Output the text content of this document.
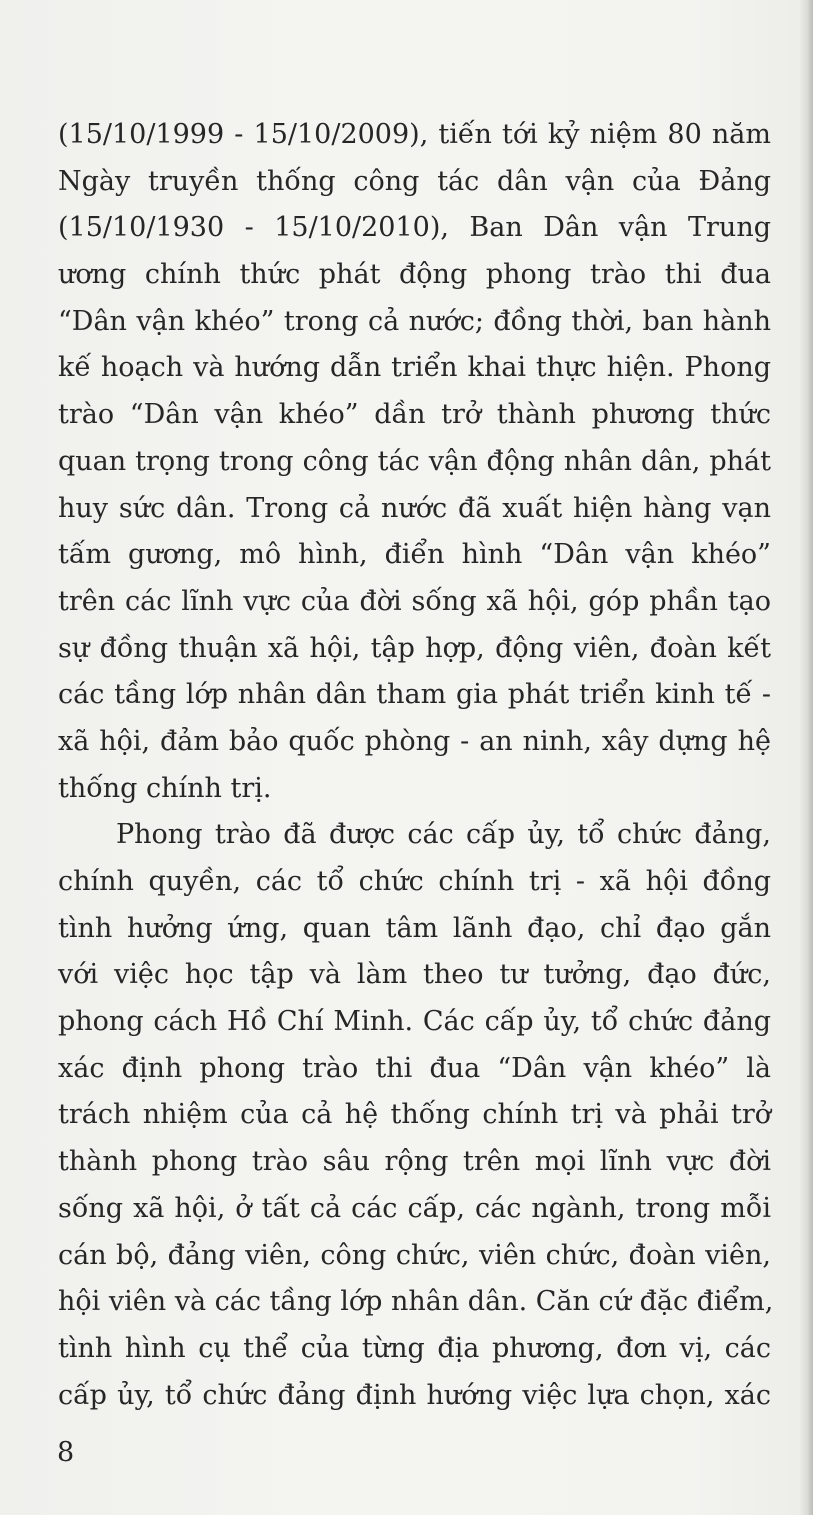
(15/10/1999 - 15/10/2009), tiến tới kỷ niệm 80 năm
Ngày truyền thống công tác dân vận của Đảng
(15/10/1930 - 15/10/2010), Ban Dân vận Trung
ương chính thức phát động phong trào thi đua
“Dân vận khéo” trong cả nước; đồng thời, ban hành
kế hoạch và hướng dẫn triển khai thực hiện. Phong
trào “Dân vận khéo” dần trở thành phương thức
quan trọng trong công tác vận động nhân dân, phát
huy sức dân. Trong cả nước đã xuất hiện hàng vạn
tấm gương, mô hình, điển hình “Dân vận khéo”
trên các lĩnh vực của đời sống xã hội, góp phần tạo
sự đồng thuận xã hội, tập hợp, động viên, đoàn kết
các tầng lớp nhân dân tham gia phát triển kinh tế -
xã hội, đảm bảo quốc phòng - an ninh, xây dựng hệ
thống chính trị.
Phong trào đã được các cấp ủy, tổ chức đảng,
chính quyền, các tổ chức chính trị - xã hội đồng
tình hưởng ứng, quan tâm lãnh đạo, chỉ đạo gắn
với việc học tập và làm theo tư tưởng, đạo đức,
phong cách Hồ Chí Minh. Các cấp ủy, tổ chức đảng
xác định phong trào thi đua “Dân vận khéo” là
trách nhiệm của cả hệ thống chính trị và phải trở
thành phong trào sâu rộng trên mọi lĩnh vực đời
sống xã hội, ở tất cả các cấp, các ngành, trong mỗi
cán bộ, đảng viên, công chức, viên chức, đoàn viên,
hội viên và các tầng lớp nhân dân. Căn cứ đặc điểm,
tình hình cụ thể của từng địa phương, đơn vị, các
cấp ủy, tổ chức đảng định hướng việc lựa chọn, xác
8
